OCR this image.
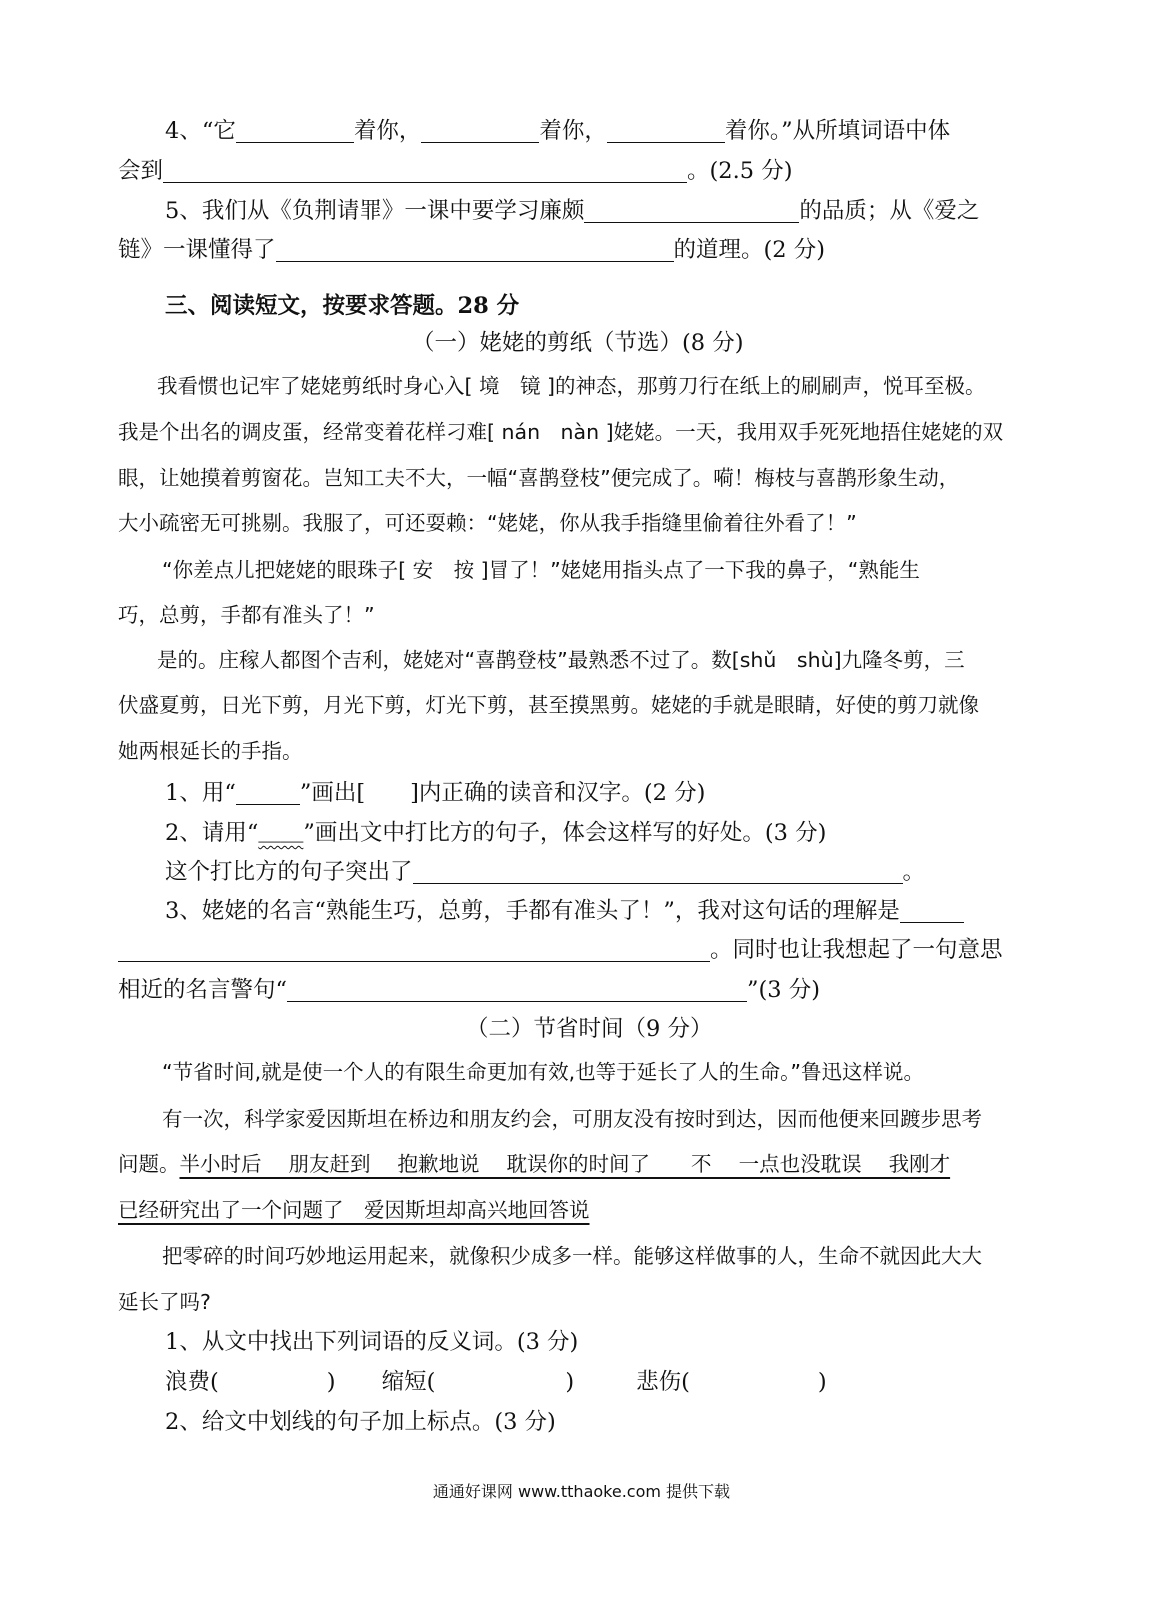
4、“它	着你，	着你，	着你。”从所填词语中体
会到	。(2.5 分)
5、我们从《负荆请罪》一课中要学习廉颇	的品质；从《爱之
链》一课懂得了	的道理。(2 分)
三、阅读短文，按要求答题。28 分
（一）姥姥的剪纸（节选）(8 分)
我看惯也记牢了姥姥剪纸时身心入[ 境　镜 ]的神态，那剪刀行在纸上的刷刷声，悦耳至极。
我是个出名的调皮蛋，经常变着花样刁难[ nán　nàn ]姥姥。一天，我用双手死死地捂住姥姥的双
眼，让她摸着剪窗花。岂知工夫不大，一幅“喜鹊登枝”便完成了。嗬！梅枝与喜鹊形象生动，
大小疏密无可挑剔。我服了，可还耍赖：“姥姥，你从我手指缝里偷着往外看了！”
“你差点儿把姥姥的眼珠子[ 安　按 ]冒了！”姥姥用指头点了一下我的鼻子，“熟能生
巧，总剪，手都有准头了！”
是的。庄稼人都图个吉利，姥姥对“喜鹊登枝”最熟悉不过了。数[shǔ　shù]九隆冬剪，三
伏盛夏剪，日光下剪，月光下剪，灯光下剪，甚至摸黑剪。姥姥的手就是眼睛，好使的剪刀就像
她两根延长的手指。
1、用“	”画出[　　]内正确的读音和汉字。(2 分)
2、请用“＿＿”画出文中打比方的句子，体会这样写的好处。(3 分)
这个打比方的句子突出了	。
3、姥姥的名言“熟能生巧，总剪，手都有准头了！”，我对这句话的理解是
。同时也让我想起了一句意思
相近的名言警句“	”(3 分)
（二）节省时间（9 分）
“节省时间,就是使一个人的有限生命更加有效,也等于延长了人的生命。”鲁迅这样说。
有一次，科学家爱因斯坦在桥边和朋友约会，可朋友没有按时到达，因而他便来回踱步思考
问题。半小时后　 朋友赶到　 抱歉地说　 耽误你的时间了　　不　 一点也没耽误　 我刚才
已经研究出了一个问题了　爱因斯坦却高兴地回答说
把零碎的时间巧妙地运用起来，就像积少成多一样。能够这样做事的人，生命不就因此大大
延长了吗?
1、从文中找出下列词语的反义词。(3 分)
浪费(	) 缩短(	)	悲伤(	)
2、给文中划线的句子加上标点。(3 分)
通通好课网 www.tthaoke.com 提供下载
